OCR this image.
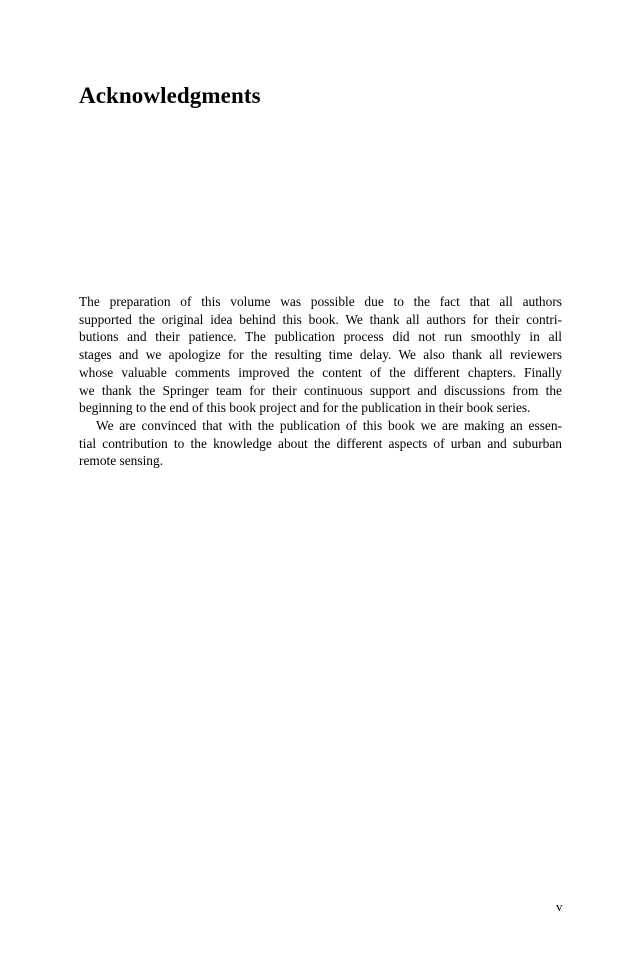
Acknowledgments

The preparation of this volume was possible due to the fact that all authors
supported the original idea behind this book. We thank all authors for their contri-
butions and their patience. The publication process did not run smoothly in all
stages and we apologize for the resulting time delay. We also thank all reviewers
whose valuable comments improved the content of the different chapters. Finally
we thank the Springer team for their continuous support and discussions from the
beginning to the end of this book project and for the publication in their book series.

We are convinced that with the publication of this book we are making an essen-
tial contribution to the knowledge about the different aspects of urban and suburban
remote sensing.

v
